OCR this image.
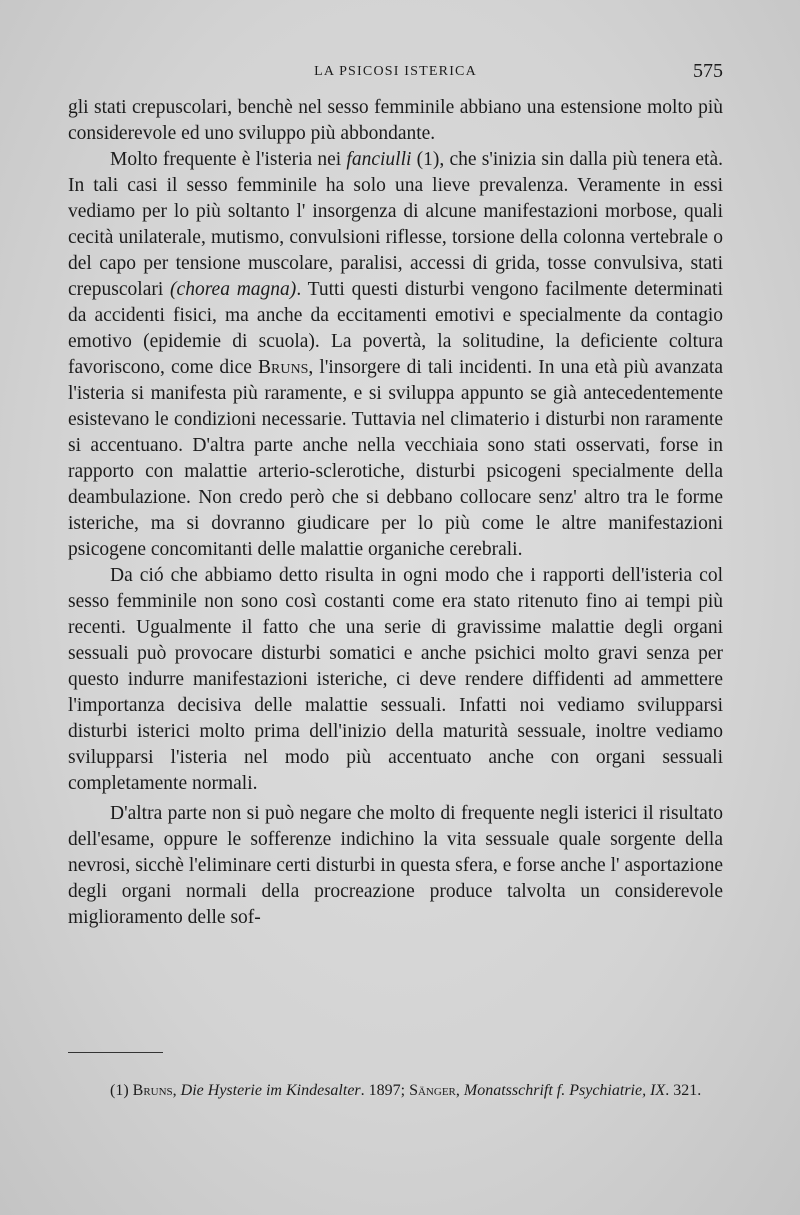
LA PSICOSI ISTERICA	575

gli stati crepuscolari, benchè nel sesso femminile abbiano una estensione molto più considerevole ed uno sviluppo più abbondante.

Molto frequente è l'isteria nei fanciulli (1), che s'inizia sin dalla più tenera età. In tali casi il sesso femminile ha solo una lieve prevalenza. Veramente in essi vediamo per lo più soltanto l' insorgenza di alcune manifestazioni morbose, quali cecità unilaterale, mutismo, convulsioni riflesse, torsione della colonna vertebrale o del capo per tensione muscolare, paralisi, accessi di grida, tosse convulsiva, stati crepuscolari (chorea magna). Tutti questi disturbi vengono facilmente determinati da accidenti fisici, ma anche da eccitamenti emotivi e specialmente da contagio emotivo (epidemie di scuola). La povertà, la solitudine, la deficiente coltura favoriscono, come dice Bruns, l'insorgere di tali incidenti. In una età più avanzata l'isteria si manifesta più raramente, e si sviluppa appunto se già antecedentemente esistevano le condizioni necessarie. Tuttavia nel climaterio i disturbi non raramente si accentuano. D'altra parte anche nella vecchiaia sono stati osservati, forse in rapporto con malattie arterio-sclerotiche, disturbi psicogeni specialmente della deambulazione. Non credo però che si debbano collocare senz' altro tra le forme isteriche, ma si dovranno giudicare per lo più come le altre manifestazioni psicogene concomitanti delle malattie organiche cerebrali.

Da ció che abbiamo detto risulta in ogni modo che i rapporti dell'isteria col sesso femminile non sono così costanti come era stato ritenuto fino ai tempi più recenti. Ugualmente il fatto che una serie di gravissime malattie degli organi sessuali può provocare disturbi somatici e anche psichici molto gravi senza per questo indurre manifestazioni isteriche, ci deve rendere diffidenti ad ammettere l'importanza decisiva delle malattie sessuali. Infatti noi vediamo svilupparsi disturbi isterici molto prima dell'inizio della maturità sessuale, inoltre vediamo svilupparsi l'isteria nel modo più accentuato anche con organi sessuali completamente normali.

D'altra parte non si può negare che molto di frequente negli isterici il risultato dell'esame, oppure le sofferenze indichino la vita sessuale quale sorgente della nevrosi, sicchè l'eliminare certi disturbi in questa sfera, e forse anche l' asportazione degli organi normali della procreazione produce talvolta un considerevole miglioramento delle sof-

(1) Bruns, Die Hysterie im Kindesalter. 1897; Sänger, Monatsschrift f. Psychiatrie, IX. 321.
